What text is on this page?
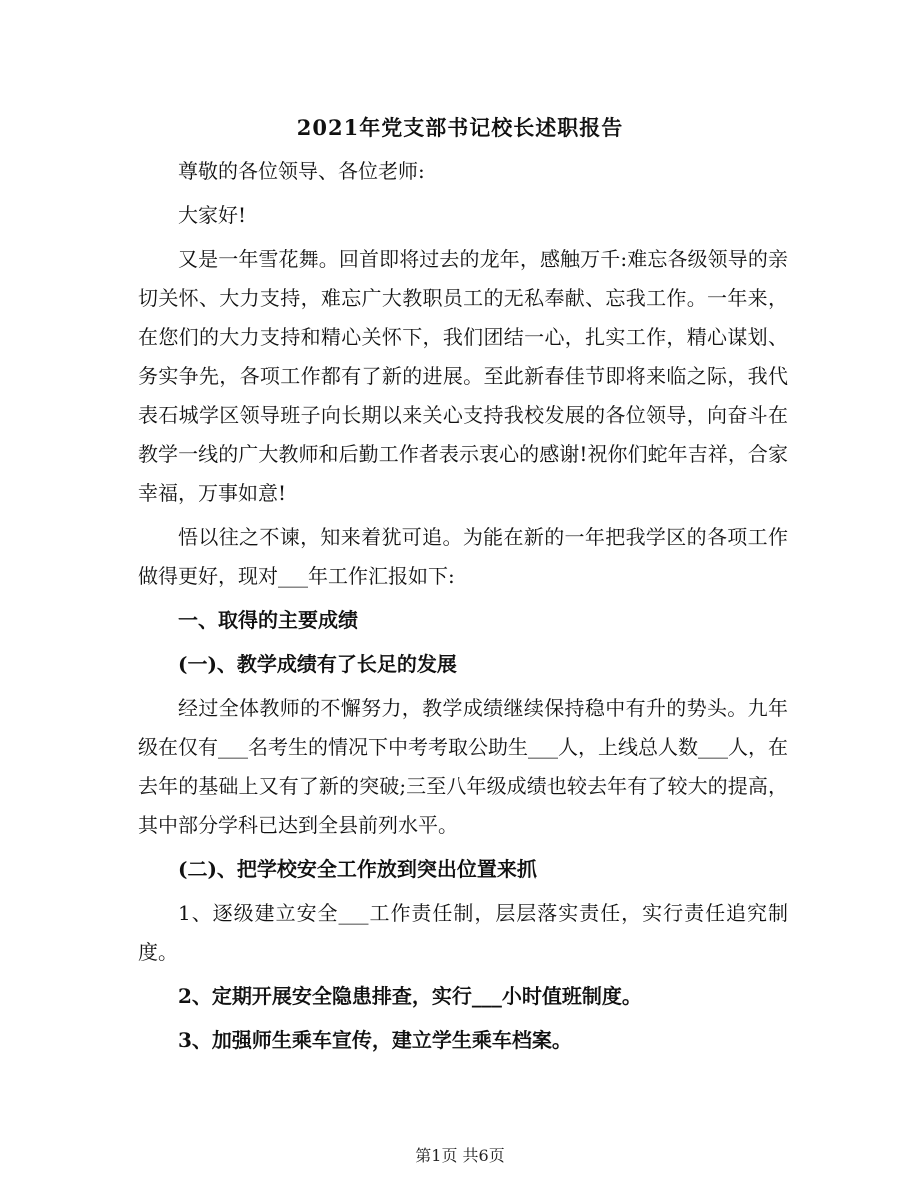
2021年党支部书记校长述职报告

尊敬的各位领导、各位老师:

大家好!

又是一年雪花舞。回首即将过去的龙年，感触万千:难忘各级领导的亲切关怀、大力支持，难忘广大教职员工的无私奉献、忘我工作。一年来，在您们的大力支持和精心关怀下，我们团结一心，扎实工作，精心谋划、务实争先，各项工作都有了新的进展。至此新春佳节即将来临之际，我代表石城学区领导班子向长期以来关心支持我校发展的各位领导，向奋斗在教学一线的广大教师和后勤工作者表示衷心的感谢!祝你们蛇年吉祥，合家幸福，万事如意!

悟以往之不谏，知来着犹可追。为能在新的一年把我学区的各项工作做得更好，现对___年工作汇报如下:

一、取得的主要成绩

(一)、教学成绩有了长足的发展

经过全体教师的不懈努力，教学成绩继续保持稳中有升的势头。九年级在仅有___名考生的情况下中考考取公助生___人，上线总人数___人，在去年的基础上又有了新的突破;三至八年级成绩也较去年有了较大的提高，其中部分学科已达到全县前列水平。

(二)、把学校安全工作放到突出位置来抓

1、逐级建立安全___工作责任制，层层落实责任，实行责任追究制度。

2、定期开展安全隐患排查，实行___小时值班制度。

3、加强师生乘车宣传，建立学生乘车档案。

第1页 共6页
